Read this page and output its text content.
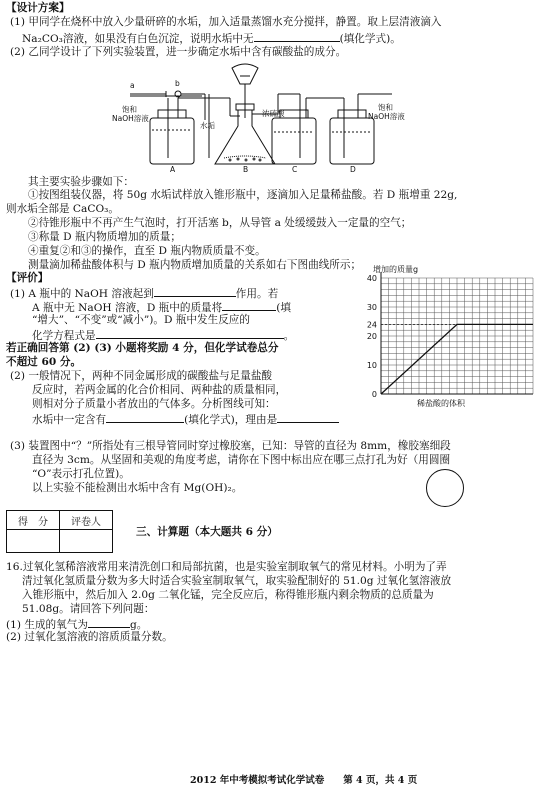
【设计方案】
(1) 甲同学在烧杯中放入少量研碎的水垢，加入适量蒸馏水充分搅拌，静置。取上层清液滴入
Na₂CO₃溶液，如果没有白色沉淀，说明水垢中无	(填化学式)。
(2) 乙同学设计了下列实验装置，进一步确定水垢中含有碳酸盐的成分。
a	b
饱和
NaOH溶液
水垢
浓硫酸
饱和
NaOH溶液
A	B	C	D
其主要实验步骤如下：
①按图组装仪器，将 50g 水垢试样放入锥形瓶中，逐滴加入足量稀盐酸。若 D 瓶增重 22g,
则水垢全部是 CaCO₃。
②待锥形瓶中不再产生气泡时，打开活塞 b，从导管 a 处缓缓鼓入一定量的空气；
③称量 D 瓶内物质增加的质量；
④重复②和③的操作，直至 D 瓶内物质质量不变。
测量滴加稀盐酸体积与 D 瓶内物质增加质量的关系如右下图曲线所示；
【评价】
(1) A 瓶中的 NaOH 溶液起到	作用。若
A 瓶中无 NaOH 溶液，D 瓶中的质量将	(填
“增大”、“不变”或“减小”)。D 瓶中发生反应的
化学方程式是	。
若正确回答第 (2) (3) 小题将奖励 4 分，但化学试卷总分
不超过 60 分。
(2) 一般情况下，两种不同金属形成的碳酸盐与足量盐酸
反应时，若两金属的化合价相同、两种盐的质量相同，
则相对分子质量小者放出的气体多。分析图线可知：
水垢中一定含有	(填化学式)，理由是
增加的质量g
稀盐酸的体积
40
30
24
20
10
0
(3) 装置图中“？”所指处有三根导管同时穿过橡胶塞，已知：导管的直径为 8mm，橡胶塞细段
直径为 3cm。从坚固和美观的角度考虑，请你在下图中标出应在哪三点打孔为好（用圆圈
“O”表示打孔位置)。
以上实验不能检测出水垢中含有 Mg(OH)₂。
得　分	评卷人

三、计算题（本大题共 6 分）
16.过氧化氢稀溶液常用来清洗创口和局部抗菌，也是实验室制取氧气的常见材料。小明为了弄
清过氧化氢质量分数为多大时适合实验室制取氧气，取实验配制好的 51.0g 过氧化氢溶液放
入锥形瓶中，然后加入 2.0g 二氧化锰，完全反应后，称得锥形瓶内剩余物质的总质量为
51.08g。请回答下列问题：
(1) 生成的氧气为	g。
(2) 过氧化氢溶液的溶质质量分数。
2012 年中考模拟考试化学试卷　　第 4 页，共 4 页
